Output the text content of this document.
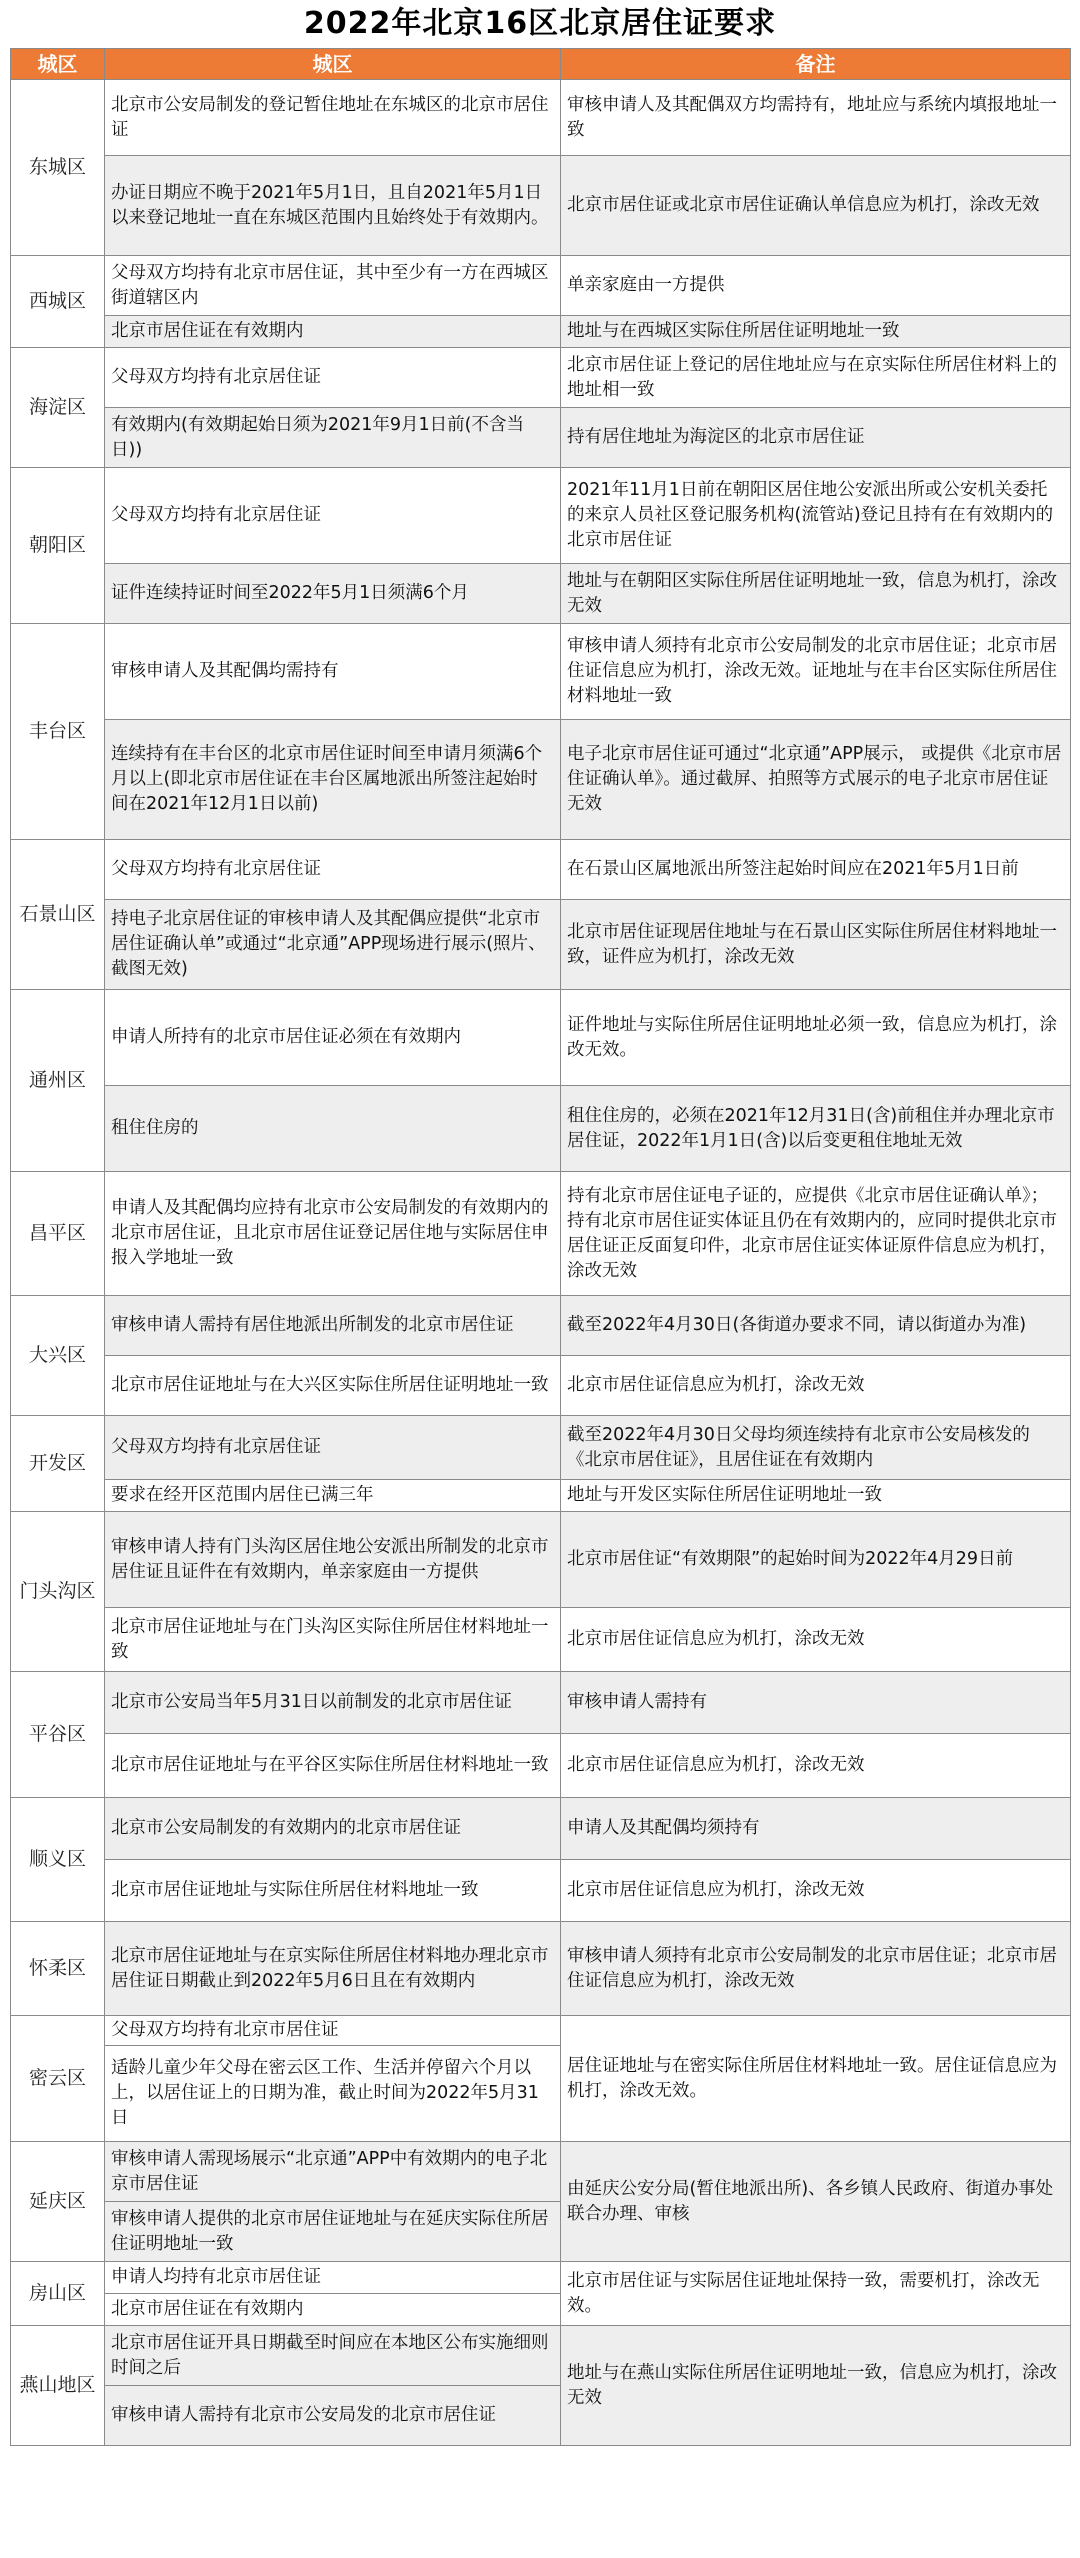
2022年北京16区北京居住证要求
城区	城区	备注
东城区	北京市公安局制发的登记暂住地址在东城区的北京市居住证	审核申请人及其配偶双方均需持有，地址应与系统内填报地址一致
	办证日期应不晚于2021年5月1日，且自2021年5月1日以来登记地址一直在东城区范围内且始终处于有效期内。	北京市居住证或北京市居住证确认单信息应为机打，涂改无效
西城区	父母双方均持有北京市居住证，其中至少有一方在西城区街道辖区内	单亲家庭由一方提供
	北京市居住证在有效期内	地址与在西城区实际住所居住证明地址一致
海淀区	父母双方均持有北京居住证	北京市居住证上登记的居住地址应与在京实际住所居住材料上的地址相一致
	有效期内(有效期起始日须为2021年9月1日前(不含当日))	持有居住地址为海淀区的北京市居住证
朝阳区	父母双方均持有北京居住证	2021年11月1日前在朝阳区居住地公安派出所或公安机关委托的来京人员社区登记服务机构(流管站)登记且持有在有效期内的北京市居住证
	证件连续持证时间至2022年5月1日须满6个月	地址与在朝阳区实际住所居住证明地址一致，信息为机打，涂改无效
丰台区	审核申请人及其配偶均需持有	审核申请人须持有北京市公安局制发的北京市居住证；北京市居住证信息应为机打，涂改无效。证地址与在丰台区实际住所居住材料地址一致
	连续持有在丰台区的北京市居住证时间至申请月须满6个月以上(即北京市居住证在丰台区属地派出所签注起始时间在2021年12月1日以前)	电子北京市居住证可通过“北京通”APP展示， 或提供《北京市居住证确认单》。通过截屏、拍照等方式展示的电子北京市居住证无效
石景山区	父母双方均持有北京居住证	在石景山区属地派出所签注起始时间应在2021年5月1日前
	持电子北京居住证的审核申请人及其配偶应提供“北京市居住证确认单”或通过“北京通”APP现场进行展示(照片、截图无效)	北京市居住证现居住地址与在石景山区实际住所居住材料地址一致，证件应为机打，涂改无效
通州区	申请人所持有的北京市居住证必须在有效期内	证件地址与实际住所居住证明地址必须一致，信息应为机打，涂改无效。
	租住住房的	租住住房的，必须在2021年12月31日(含)前租住并办理北京市居住证，2022年1月1日(含)以后变更租住地址无效
昌平区	申请人及其配偶均应持有北京市公安局制发的有效期内的北京市居住证，且北京市居住证登记居住地与实际居住申报入学地址一致	持有北京市居住证电子证的，应提供《北京市居住证确认单》；持有北京市居住证实体证且仍在有效期内的，应同时提供北京市居住证正反面复印件，北京市居住证实体证原件信息应为机打，涂改无效
大兴区	审核申请人需持有居住地派出所制发的北京市居住证	截至2022年4月30日(各街道办要求不同，请以街道办为准)
	北京市居住证地址与在大兴区实际住所居住证明地址一致	北京市居住证信息应为机打，涂改无效
开发区	父母双方均持有北京居住证	截至2022年4月30日父母均须连续持有北京市公安局核发的《北京市居住证》，且居住证在有效期内
	要求在经开区范围内居住已满三年	地址与开发区实际住所居住证明地址一致
门头沟区	审核申请人持有门头沟区居住地公安派出所制发的北京市居住证且证件在有效期内，单亲家庭由一方提供	北京市居住证“有效期限”的起始时间为2022年4月29日前
	北京市居住证地址与在门头沟区实际住所居住材料地址一致	北京市居住证信息应为机打，涂改无效
平谷区	北京市公安局当年5月31日以前制发的北京市居住证	审核申请人需持有
	北京市居住证地址与在平谷区实际住所居住材料地址一致	北京市居住证信息应为机打，涂改无效
顺义区	北京市公安局制发的有效期内的北京市居住证	申请人及其配偶均须持有
	北京市居住证地址与实际住所居住材料地址一致	北京市居住证信息应为机打，涂改无效
怀柔区	北京市居住证地址与在京实际住所居住材料地办理北京市居住证日期截止到2022年5月6日且在有效期内	审核申请人须持有北京市公安局制发的北京市居住证；北京市居住证信息应为机打，涂改无效
密云区	父母双方均持有北京市居住证	居住证地址与在密实际住所居住材料地址一致。居住证信息应为机打，涂改无效。
	适龄儿童少年父母在密云区工作、生活并停留六个月以上，以居住证上的日期为准，截止时间为2022年5月31日	
延庆区	审核申请人需现场展示“北京通”APP中有效期内的电子北京市居住证	由延庆公安分局(暂住地派出所)、各乡镇人民政府、街道办事处联合办理、审核
	审核申请人提供的北京市居住证地址与在延庆实际住所居住证明地址一致	
房山区	申请人均持有北京市居住证	北京市居住证与实际居住证地址保持一致，需要机打，涂改无效。
	北京市居住证在有效期内	
燕山地区	北京市居住证开具日期截至时间应在本地区公布实施细则时间之后	地址与在燕山实际住所居住证明地址一致，信息应为机打，涂改无效
	审核申请人需持有北京市公安局发的北京市居住证	
